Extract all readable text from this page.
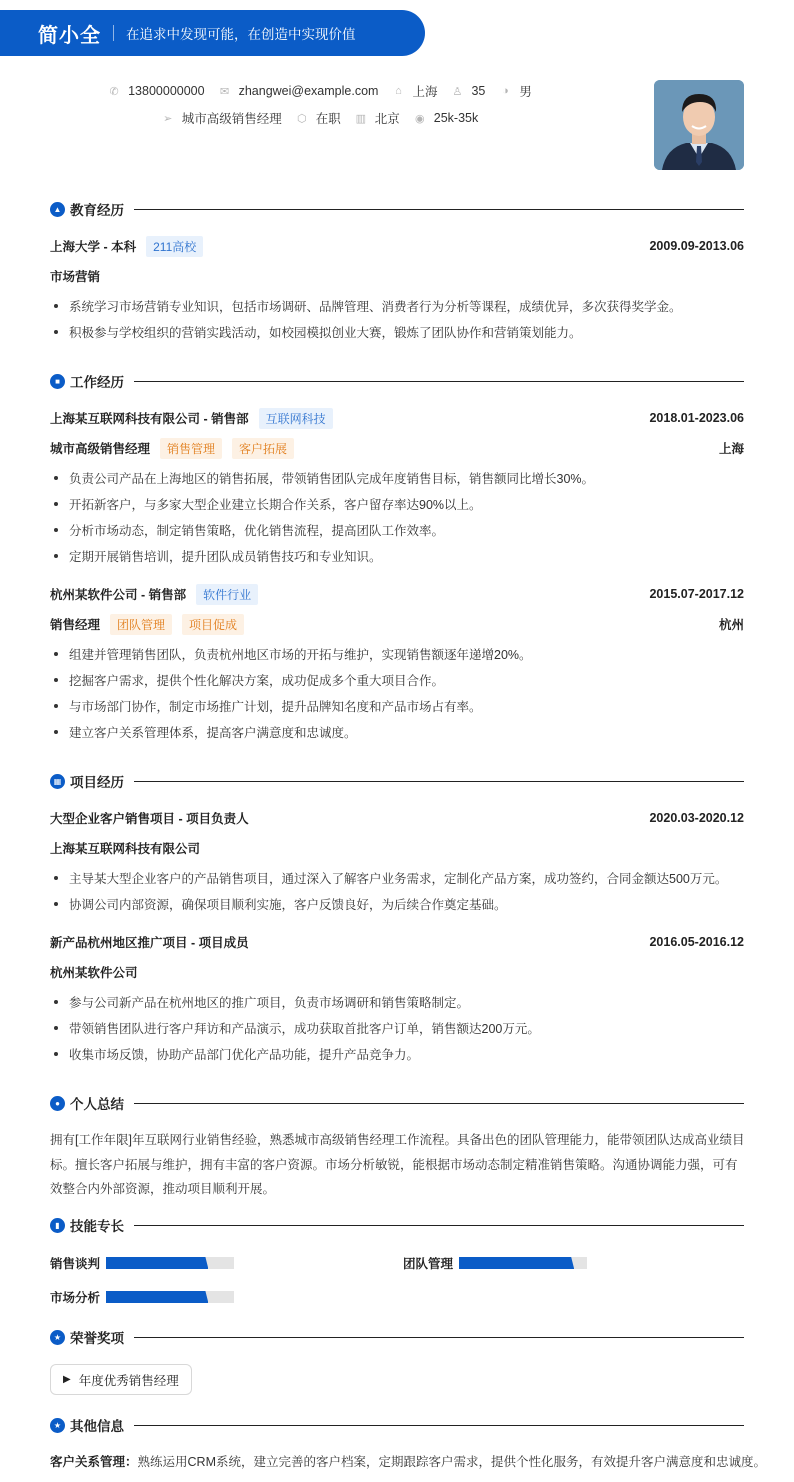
简小全 在追求中发现可能，在创造中实现价值
✆ 13800000000 ✉ zhangwei@example.com ⌂ 上海 ♙ 35 ◑ 男
➢ 城市高级销售经理 ⬡ 在职 ▥ 北京 ◉ 25k-35k
▲ 教育经历
上海大学 - 本科	211高校	2009.09-2013.06
市场营销
系统学习市场营销专业知识，包括市场调研、品牌管理、消费者行为分析等课程，成绩优异，多次获得奖学金。
积极参与学校组织的营销实践活动，如校园模拟创业大赛，锻炼了团队协作和营销策划能力。
■ 工作经历
上海某互联网科技有限公司 - 销售部	互联网科技	2018.01-2023.06
城市高级销售经理	销售管理	客户拓展	上海
负责公司产品在上海地区的销售拓展，带领销售团队完成年度销售目标，销售额同比增长30%。
开拓新客户，与多家大型企业建立长期合作关系，客户留存率达90%以上。
分析市场动态，制定销售策略，优化销售流程，提高团队工作效率。
定期开展销售培训，提升团队成员销售技巧和专业知识。
杭州某软件公司 - 销售部	软件行业	2015.07-2017.12
销售经理	团队管理	项目促成	杭州
组建并管理销售团队，负责杭州地区市场的开拓与维护，实现销售额逐年递增20%。
挖掘客户需求，提供个性化解决方案，成功促成多个重大项目合作。
与市场部门协作，制定市场推广计划，提升品牌知名度和产品市场占有率。
建立客户关系管理体系，提高客户满意度和忠诚度。
▦ 项目经历
大型企业客户销售项目 - 项目负责人	2020.03-2020.12
上海某互联网科技有限公司
主导某大型企业客户的产品销售项目，通过深入了解客户业务需求，定制化产品方案，成功签约，合同金额达500万元。
协调公司内部资源，确保项目顺利实施，客户反馈良好，为后续合作奠定基础。
新产品杭州地区推广项目 - 项目成员	2016.05-2016.12
杭州某软件公司
参与公司新产品在杭州地区的推广项目，负责市场调研和销售策略制定。
带领销售团队进行客户拜访和产品演示，成功获取首批客户订单，销售额达200万元。
收集市场反馈，协助产品部门优化产品功能，提升产品竞争力。
● 个人总结
拥有[工作年限]年互联网行业销售经验，熟悉城市高级销售经理工作流程。具备出色的团队管理能力，能带领团队达成高业绩目标。擅长客户拓展与维护，拥有丰富的客户资源。市场分析敏锐，能根据市场动态制定精准销售策略。沟通协调能力强，可有效整合内外部资源，推动项目顺利开展。
▮ 技能专长
销售谈判	团队管理
市场分析
★ 荣誉奖项
▶ 年度优秀销售经理
★ 其他信息
客户关系管理：熟练运用CRM系统，建立完善的客户档案，定期跟踪客户需求，提供个性化服务，有效提升客户满意度和忠诚度。
